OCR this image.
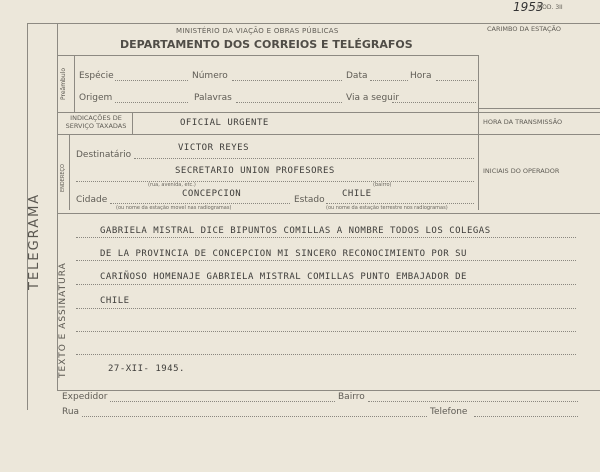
1953
MOD. 3II
MINISTÉRIO DA VIAÇÃO E OBRAS PÚBLICAS
DEPARTAMENTO DOS CORREIOS E TELÉGRAFOS
CARIMBO DA ESTAÇÃO
TELEGRAMA
Preâmbulo
ENDEREÇO
TEXTO E ASSINATURA
Espécie	Número	Data	Hora
Origem	Palavras	Via a seguir
INDICAÇÕES DE SERVIÇO TAXADAS	OFICIAL URGENTE	HORA DA TRANSMISSÃO
INICIAIS DO OPERADOR
Destinatário
VICTOR REYES
SECRETARIO UNION PROFESORES
(rua, avenida, etc.)	(bairro)
Cidade
CONCEPCION
Estado
CHILE
(ou nome da estação movel nas radiogramas)	(ou nome da estação terrestre nos radiogramas)
GABRIELA MISTRAL DICE BIPUNTOS COMILLAS A NOMBRE TODOS LOS COLEGAS
DE LA PROVINCIA DE CONCEPCION MI SINCERO RECONOCIMIENTO POR SU
CARIÑOSO HOMENAJE GABRIELA MISTRAL COMILLAS PUNTO EMBAJADOR DE
CHILE
27-XII- 1945.
Expedidor	Bairro
Rua	Telefone
